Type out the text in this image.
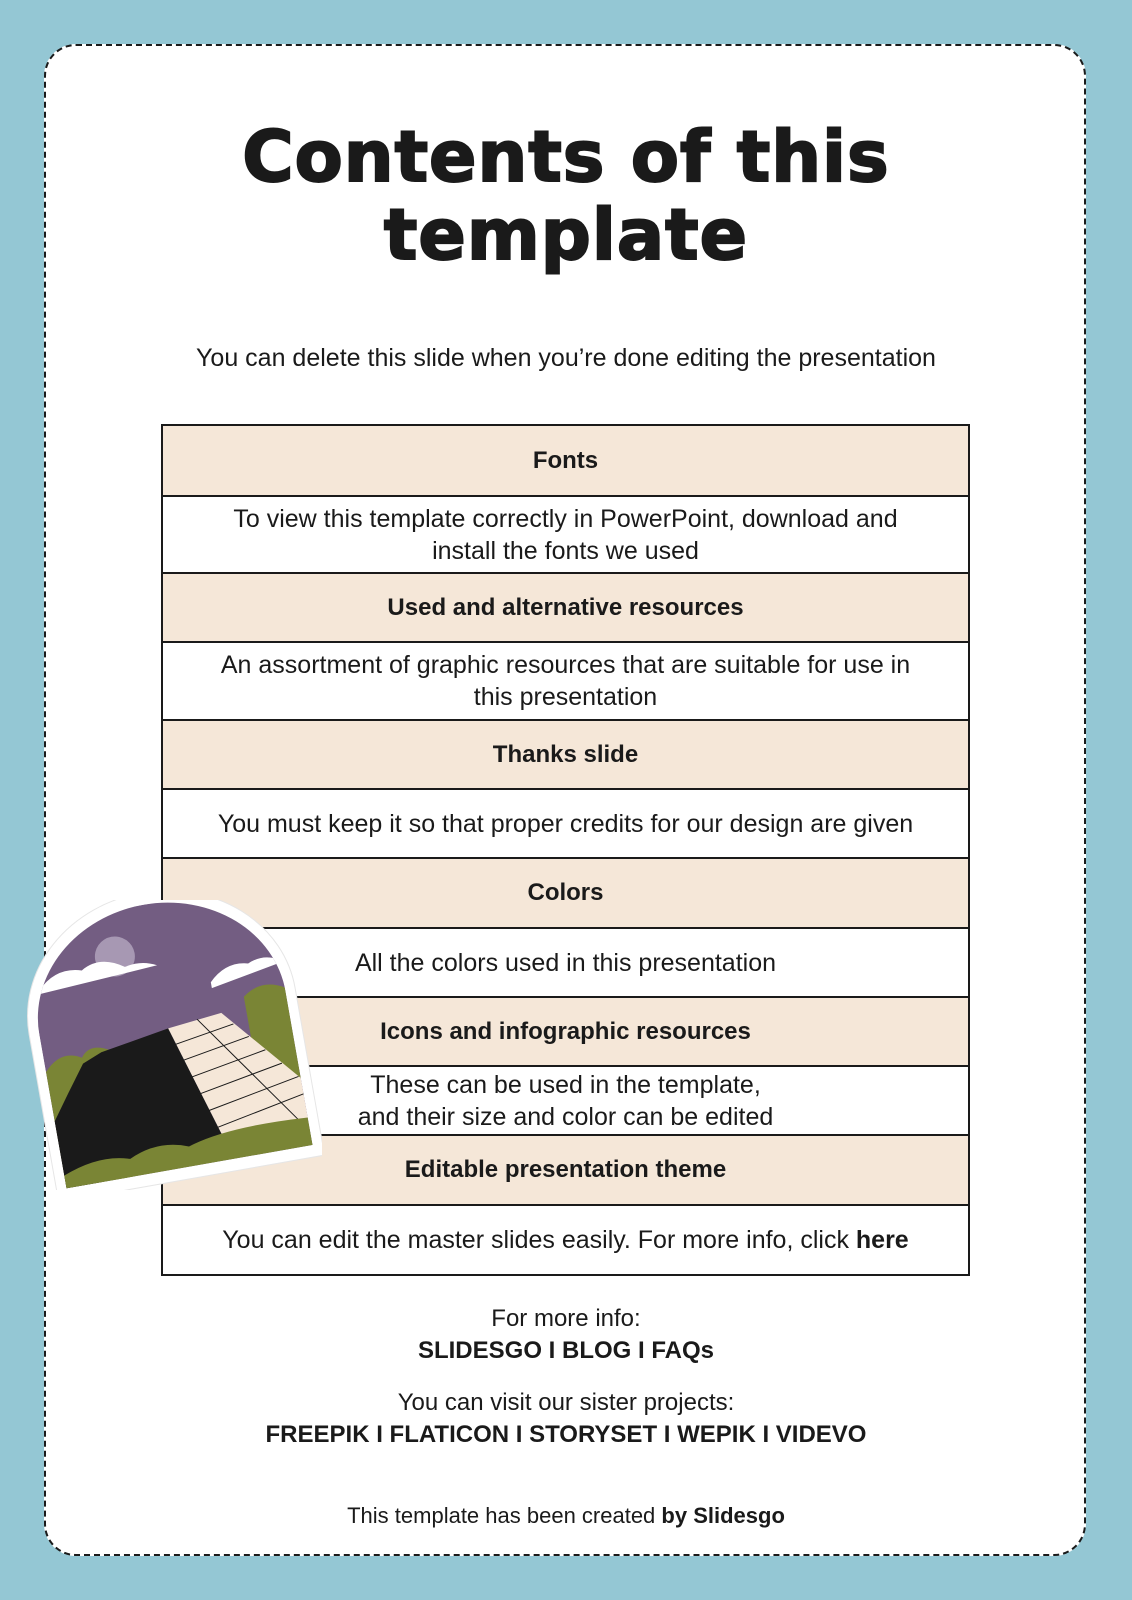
Contents of this
template
You can delete this slide when you’re done editing the presentation
Fonts
To view this template correctly in PowerPoint, download and
install the fonts we used
Used and alternative resources
An assortment of graphic resources that are suitable for use in
this presentation
Thanks slide
You must keep it so that proper credits for our design are given
Colors
All the colors used in this presentation
Icons and infographic resources
These can be used in the template,
and their size and color can be edited
Editable presentation theme
You can edit the master slides easily. For more info, click here
For more info:
SLIDESGO I BLOG I FAQs
You can visit our sister projects:
FREEPIK I FLATICON I STORYSET I WEPIK I VIDEVO
This template has been created by Slidesgo
